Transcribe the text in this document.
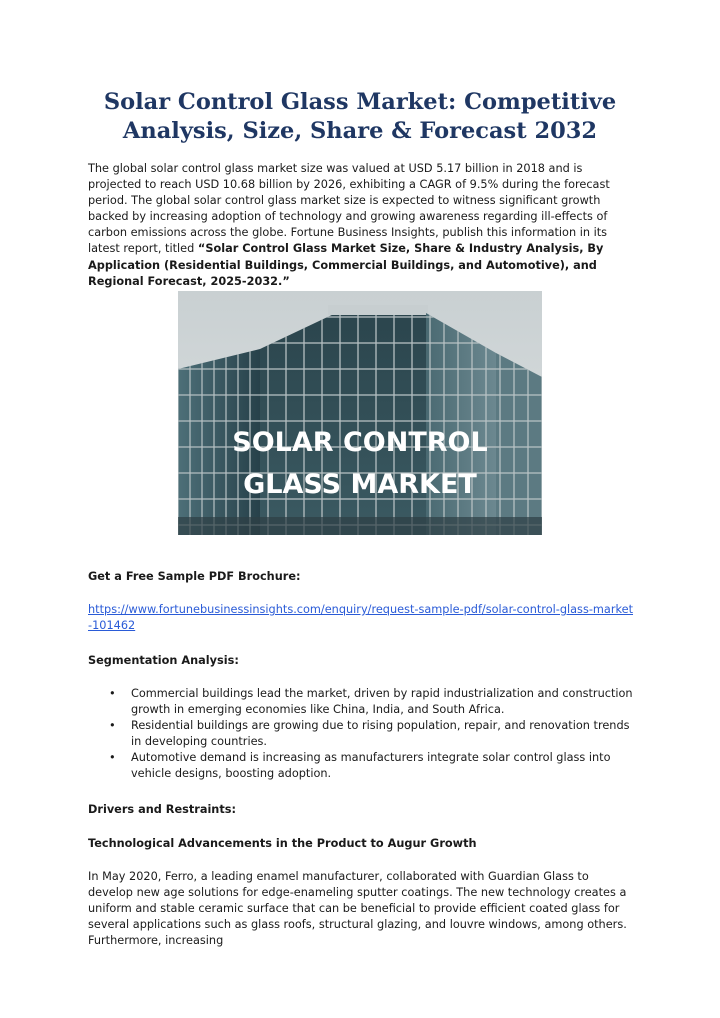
Solar Control Glass Market: Competitive Analysis, Size, Share & Forecast 2032

The global solar control glass market size was valued at USD 5.17 billion in 2018 and is projected to reach USD 10.68 billion by 2026, exhibiting a CAGR of 9.5% during the forecast period. The global solar control glass market size is expected to witness significant growth backed by increasing adoption of technology and growing awareness regarding ill-effects of carbon emissions across the globe. Fortune Business Insights, publish this information in its latest report, titled “Solar Control Glass Market Size, Share & Industry Analysis, By Application (Residential Buildings, Commercial Buildings, and Automotive), and Regional Forecast, 2025-2032.”

SOLAR CONTROL
GLASS MARKET

Get a Free Sample PDF Brochure:

https://www.fortunebusinessinsights.com/enquiry/request-sample-pdf/solar-control-glass-market-101462

Segmentation Analysis:

• Commercial buildings lead the market, driven by rapid industrialization and construction growth in emerging economies like China, India, and South Africa.
• Residential buildings are growing due to rising population, repair, and renovation trends in developing countries.
• Automotive demand is increasing as manufacturers integrate solar control glass into vehicle designs, boosting adoption.

Drivers and Restraints:

Technological Advancements in the Product to Augur Growth

In May 2020, Ferro, a leading enamel manufacturer, collaborated with Guardian Glass to develop new age solutions for edge-enameling sputter coatings. The new technology creates a uniform and stable ceramic surface that can be beneficial to provide efficient coated glass for several applications such as glass roofs, structural glazing, and louvre windows, among others. Furthermore, increasing
